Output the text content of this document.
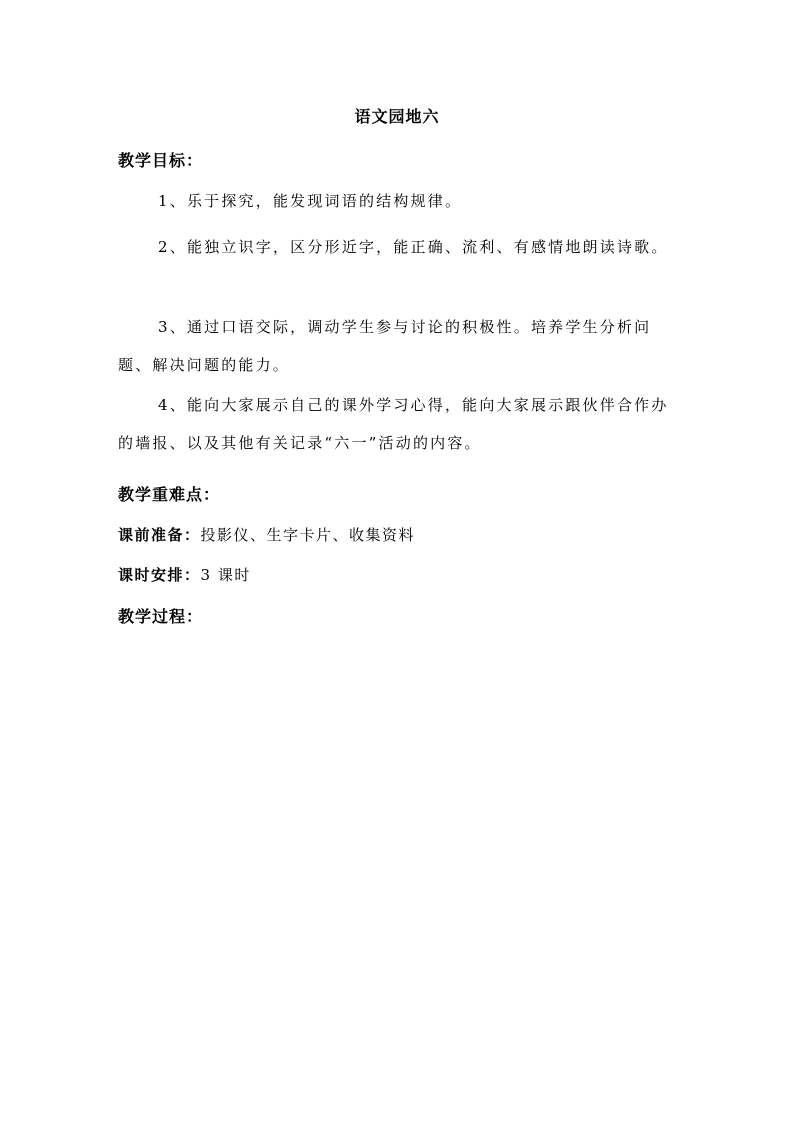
语文园地六
教学目标：
1、乐于探究，能发现词语的结构规律。
2、能独立识字，区分形近字，能正确、流利、有感情地朗读诗歌。
3、通过口语交际，调动学生参与讨论的积极性。培养学生分析问题、解决问题的能力。
4、能向大家展示自己的课外学习心得，能向大家展示跟伙伴合作办的墙报、以及其他有关记录“六一”活动的内容。
教学重难点：
课前准备：投影仪、生字卡片、收集资料
课时安排：3 课时
教学过程：
